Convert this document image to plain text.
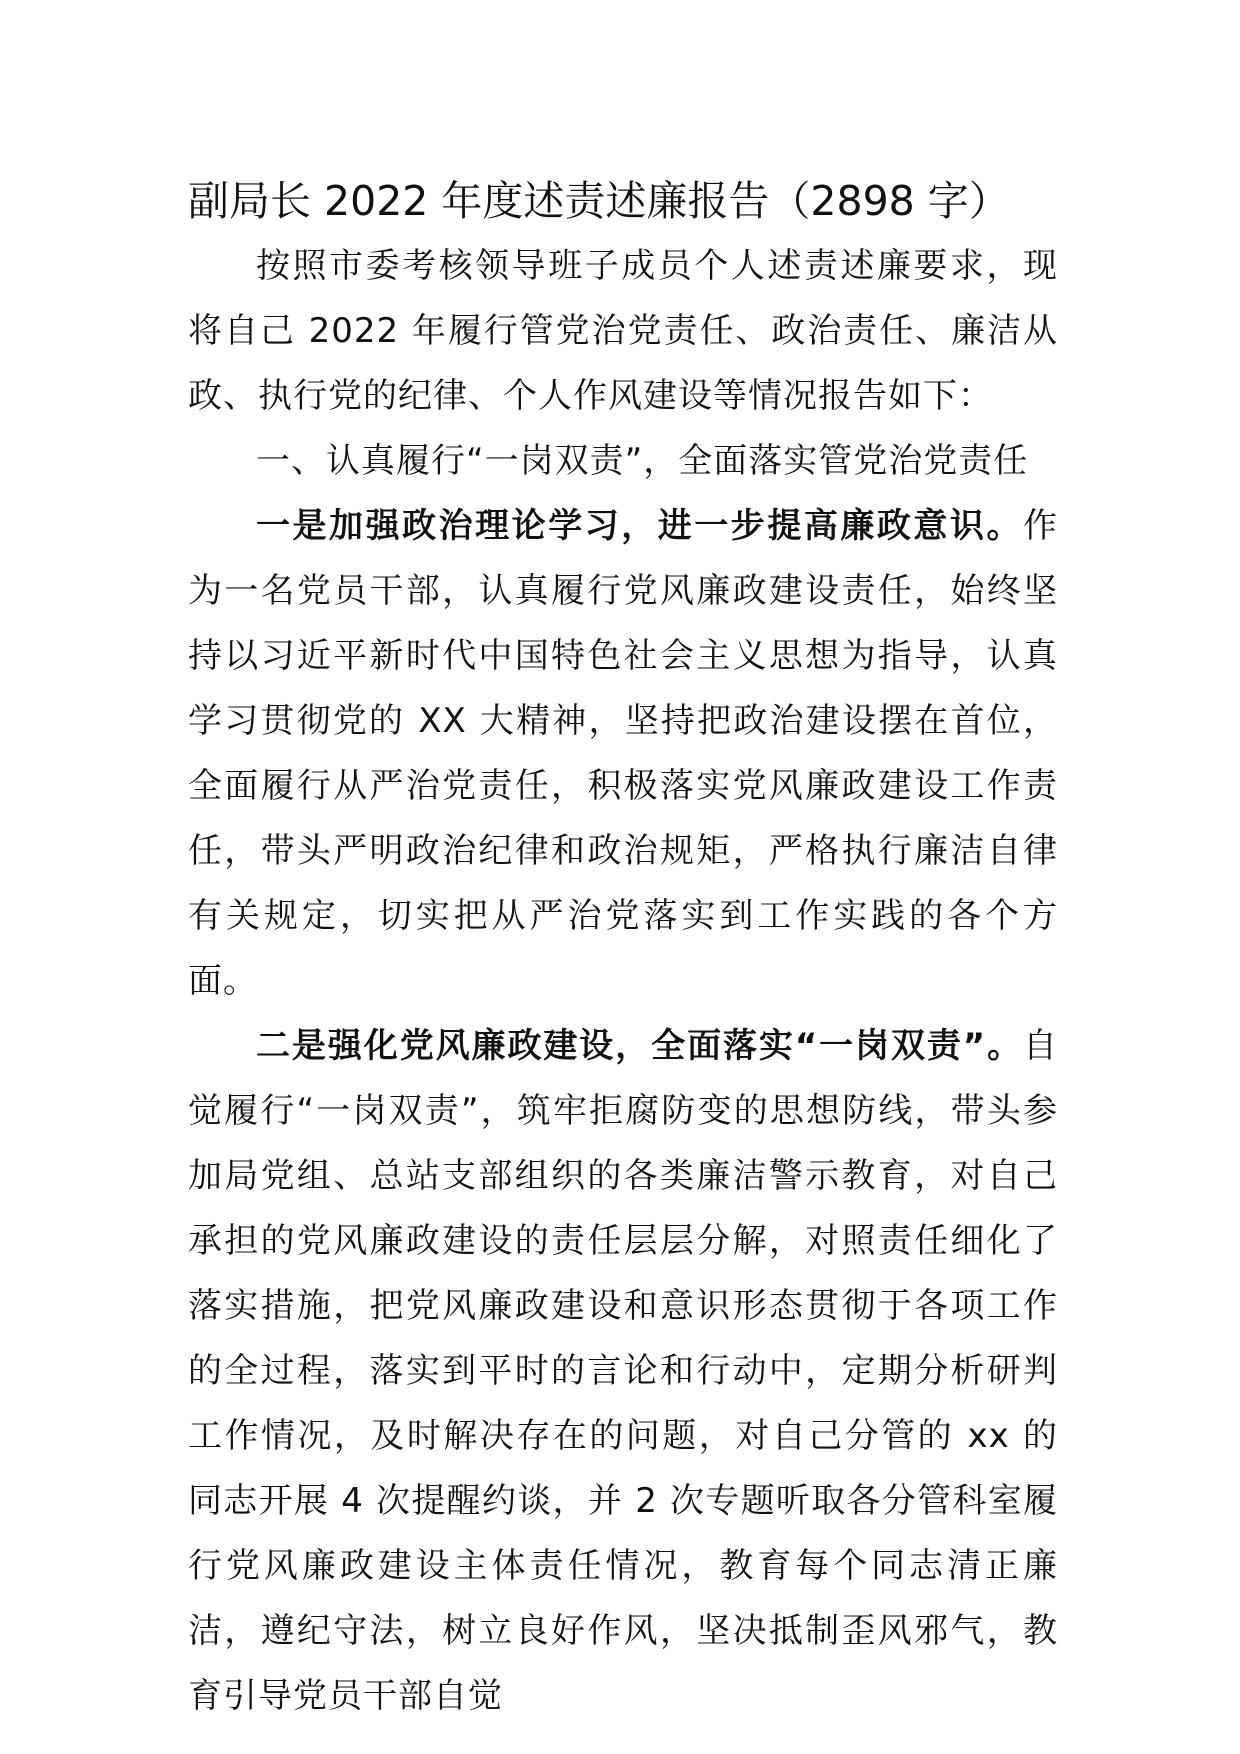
副局长 2022 年度述责述廉报告（2898 字）

按照市委考核领导班子成员个人述责述廉要求，现将自己 2022 年履行管党治党责任、政治责任、廉洁从政、执行党的纪律、个人作风建设等情况报告如下：

一、认真履行“一岗双责”，全面落实管党治党责任

一是加强政治理论学习，进一步提高廉政意识。作为一名党员干部，认真履行党风廉政建设责任，始终坚持以习近平新时代中国特色社会主义思想为指导，认真学习贯彻党的 XX 大精神，坚持把政治建设摆在首位，全面履行从严治党责任，积极落实党风廉政建设工作责任，带头严明政治纪律和政治规矩，严格执行廉洁自律有关规定，切实把从严治党落实到工作实践的各个方面。

二是强化党风廉政建设，全面落实“一岗双责”。自觉履行“一岗双责”，筑牢拒腐防变的思想防线，带头参加局党组、总站支部组织的各类廉洁警示教育，对自己承担的党风廉政建设的责任层层分解，对照责任细化了落实措施，把党风廉政建设和意识形态贯彻于各项工作的全过程，落实到平时的言论和行动中，定期分析研判工作情况，及时解决存在的问题，对自己分管的 xx 的同志开展 4 次提醒约谈，并 2 次专题听取各分管科室履行党风廉政建设主体责任情况，教育每个同志清正廉洁，遵纪守法，树立良好作风，坚决抵制歪风邪气，教育引导党员干部自觉
